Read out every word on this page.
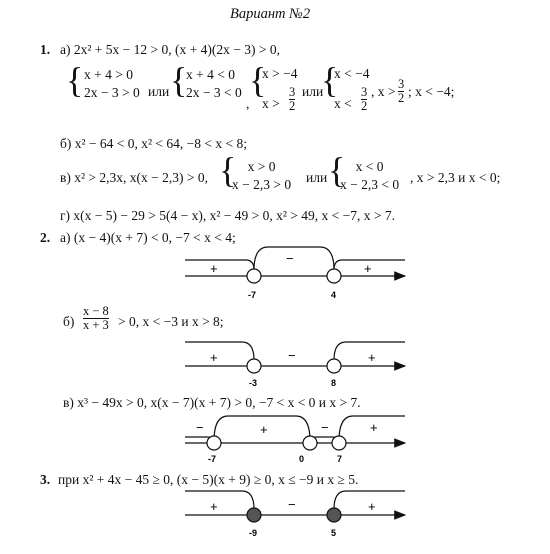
Вариант №2
1. а) 2x² + 5x − 12 > 0, (x + 4)(2x − 3) > 0,
{ x + 4 > 0
2x − 3 > 0 или {
x + 4 < 0
2x − 3 < 0
,
{
x > −4
x >
3
2
или
{
x < −4
x <
3
2
, x > 3
2 ; x < −4;
б) x² − 64 < 0, x² < 64, −8 < x < 8;
в) x² > 2,3x, x(x − 2,3) > 0, { x > 0
x − 2,3 > 0 или { x < 0
x − 2,3 < 0 , x > 2,3 и x < 0;
г) x(x − 5) − 29 > 5(4 − x), x² − 49 > 0, x² > 49, x < −7, x > 7.
2. а) (x − 4)(x + 7) < 0, −7 < x < 4;
+
−
+
-7	4
+	−	+
-3	8
−	+	−	+
-7	0	7
+	−	+
-9	5
б)
x − 8
x + 3 > 0, x < −3 и x > 8;
в) x³ − 49x > 0, x(x − 7)(x + 7) > 0, −7 < x < 0 и x > 7.
3. при x² + 4x − 45 ≥ 0, (x − 5)(x + 9) ≥ 0, x ≤ −9 и x ≥ 5.
